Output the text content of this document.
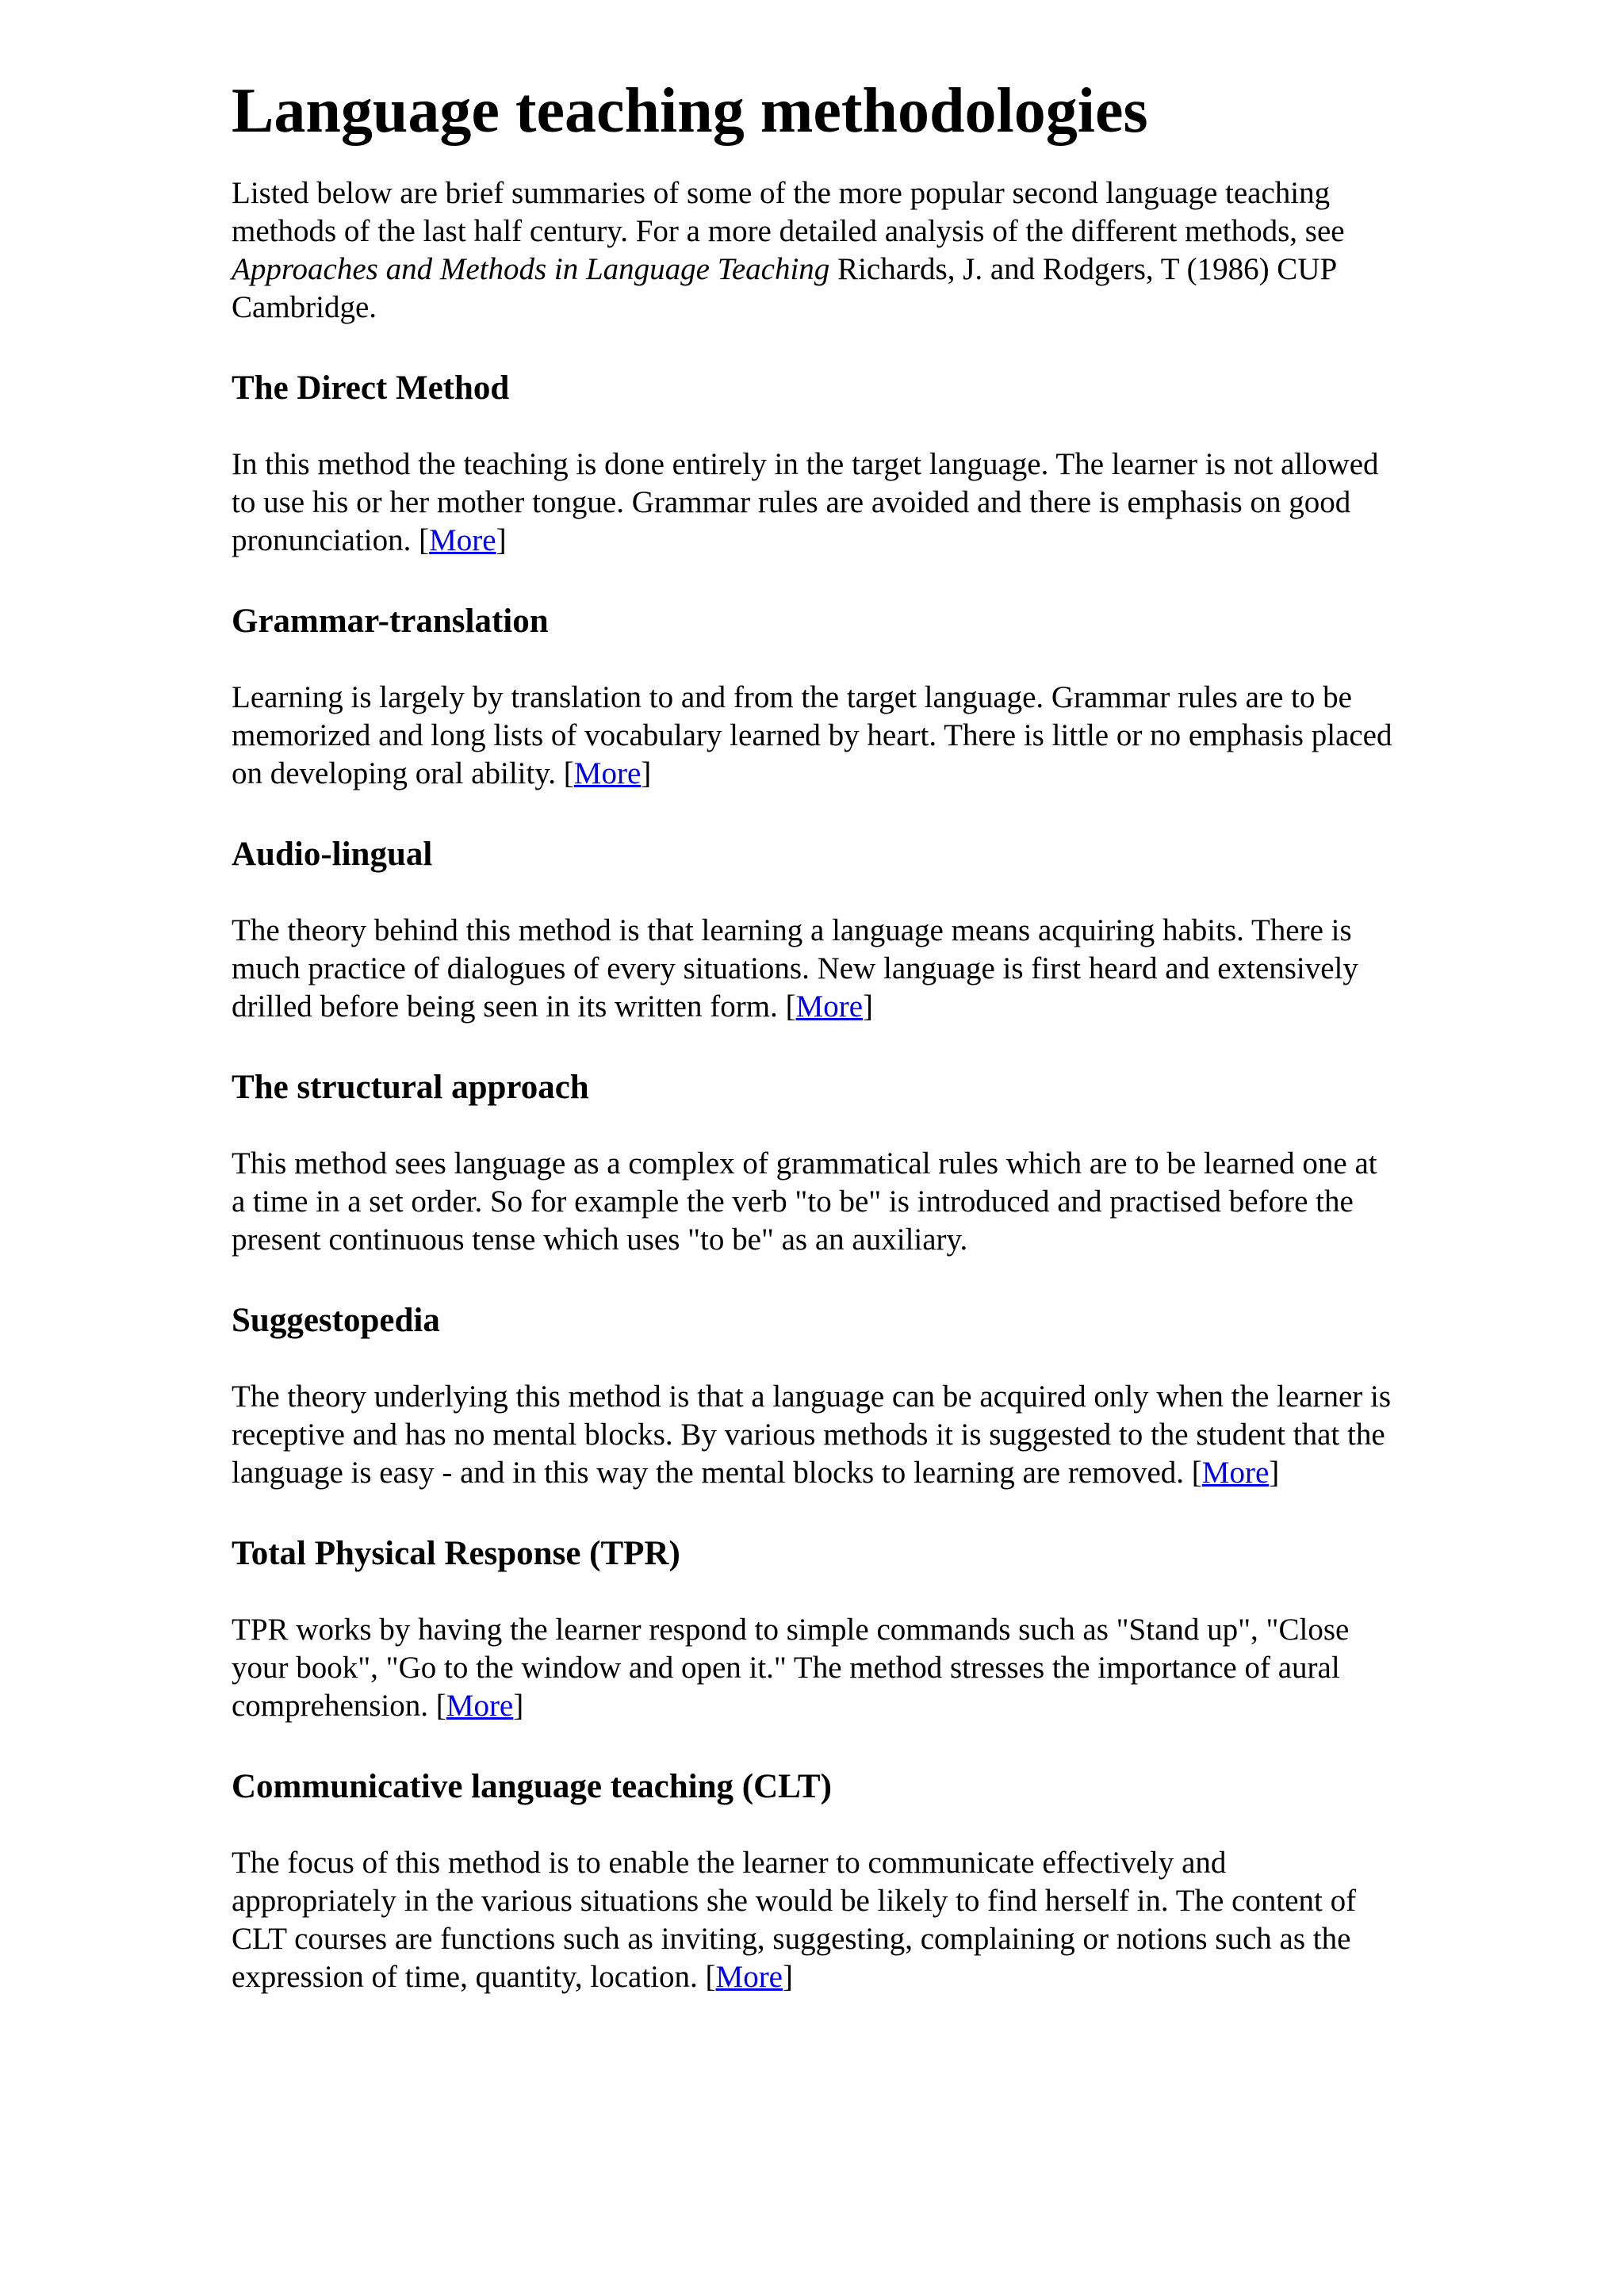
Language teaching methodologies

Listed below are brief summaries of some of the more popular second language teaching methods of the last half century. For a more detailed analysis of the different methods, see Approaches and Methods in Language Teaching Richards, J. and Rodgers, T (1986) CUP Cambridge.

The Direct Method

In this method the teaching is done entirely in the target language. The learner is not allowed to use his or her mother tongue. Grammar rules are avoided and there is emphasis on good pronunciation. [More]

Grammar-translation

Learning is largely by translation to and from the target language. Grammar rules are to be memorized and long lists of vocabulary learned by heart. There is little or no emphasis placed on developing oral ability. [More]

Audio-lingual

The theory behind this method is that learning a language means acquiring habits. There is much practice of dialogues of every situations. New language is first heard and extensively drilled before being seen in its written form. [More]

The structural approach

This method sees language as a complex of grammatical rules which are to be learned one at a time in a set order. So for example the verb "to be" is introduced and practised before the present continuous tense which uses "to be" as an auxiliary.

Suggestopedia

The theory underlying this method is that a language can be acquired only when the learner is receptive and has no mental blocks. By various methods it is suggested to the student that the language is easy - and in this way the mental blocks to learning are removed. [More]

Total Physical Response (TPR)

TPR works by having the learner respond to simple commands such as "Stand up", "Close your book", "Go to the window and open it." The method stresses the importance of aural comprehension. [More]

Communicative language teaching (CLT)

The focus of this method is to enable the learner to communicate effectively and appropriately in the various situations she would be likely to find herself in. The content of CLT courses are functions such as inviting, suggesting, complaining or notions such as the expression of time, quantity, location. [More]
